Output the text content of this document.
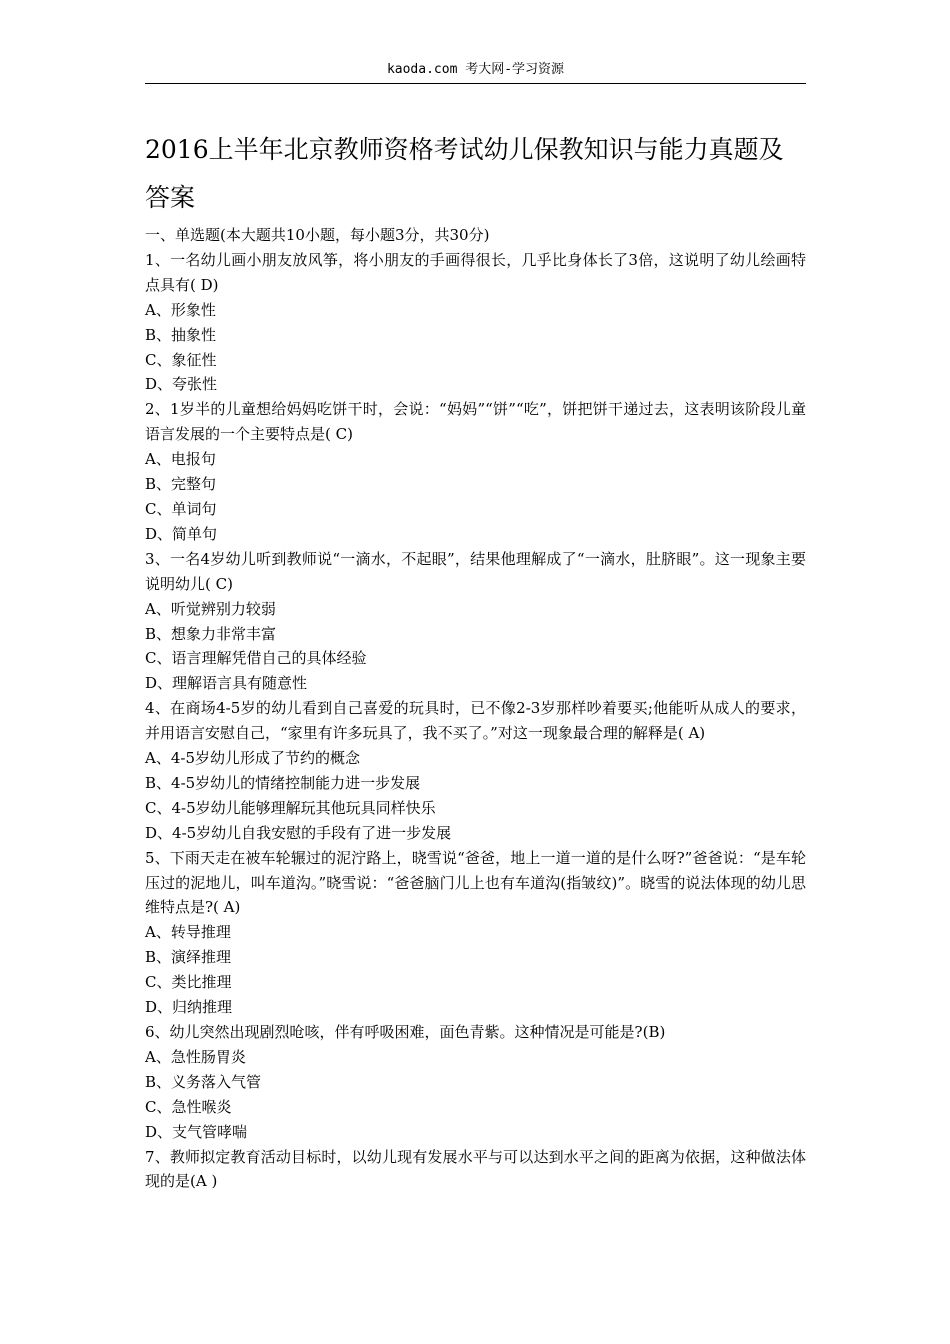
kaoda.com 考大网-学习资源
2016上半年北京教师资格考试幼儿保教知识与能力真题及答案

一、单选题(本大题共10小题，每小题3分，共30分)

1、一名幼儿画小朋友放风筝，将小朋友的手画得很长，几乎比身体长了3倍，这说明了幼儿绘画特点具有( D)

A、形象性

B、抽象性

C、象征性

D、夸张性

2、1岁半的儿童想给妈妈吃饼干时，会说：“妈妈”“饼”“吃”，饼把饼干递过去，这表明该阶段儿童语言发展的一个主要特点是( C)

A、电报句

B、完整句

C、单词句

D、简单句

3、一名4岁幼儿听到教师说“一滴水，不起眼”，结果他理解成了“一滴水，肚脐眼”。这一现象主要说明幼儿( C)

A、听觉辨别力较弱

B、想象力非常丰富

C、语言理解凭借自己的具体经验

D、理解语言具有随意性

4、在商场4-5岁的幼儿看到自己喜爱的玩具时，已不像2-3岁那样吵着要买;他能听从成人的要求，并用语言安慰自己，“家里有许多玩具了，我不买了。”对这一现象最合理的解释是( A)

A、4-5岁幼儿形成了节约的概念

B、4-5岁幼儿的情绪控制能力进一步发展

C、4-5岁幼儿能够理解玩其他玩具同样快乐

D、4-5岁幼儿自我安慰的手段有了进一步发展

5、下雨天走在被车轮辗过的泥泞路上，晓雪说“爸爸，地上一道一道的是什么呀?”爸爸说：“是车轮压过的泥地儿，叫车道沟。”晓雪说：“爸爸脑门儿上也有车道沟(指皱纹)”。晓雪的说法体现的幼儿思维特点是?( A)

A、转导推理

B、演绎推理

C、类比推理

D、归纳推理

6、幼儿突然出现剧烈呛咳，伴有呼吸困难，面色青紫。这种情况是可能是?(B)

A、急性肠胃炎

B、义务落入气管

C、急性喉炎

D、支气管哮喘

7、教师拟定教育活动目标时，以幼儿现有发展水平与可以达到水平之间的距离为依据，这种做法体现的是(A )
